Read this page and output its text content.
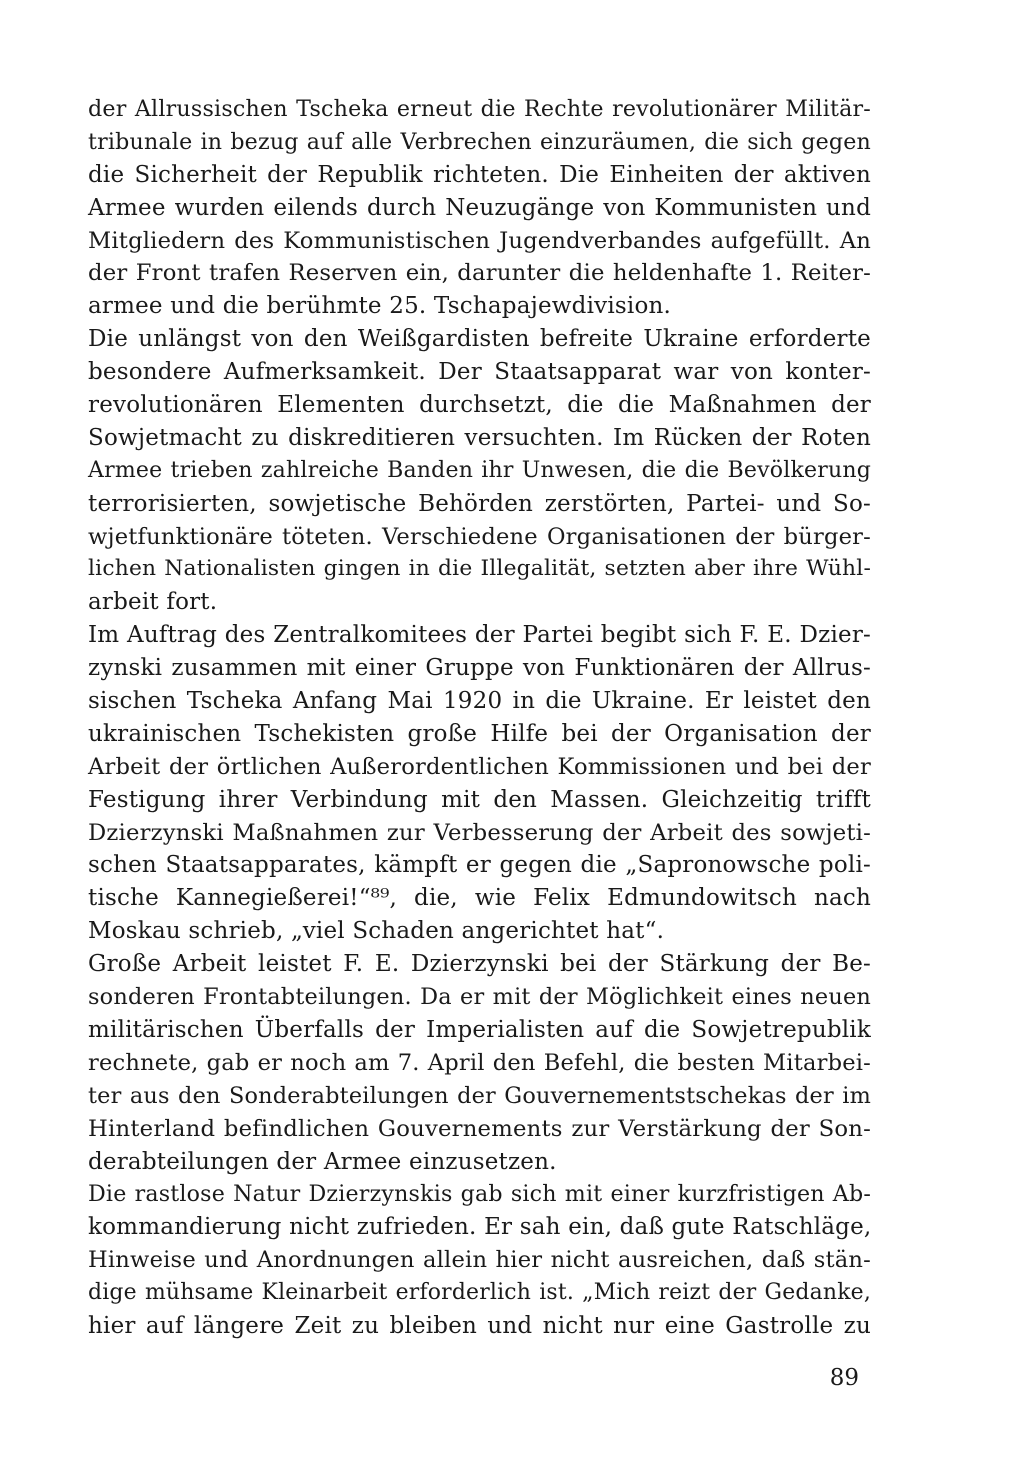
der Allrussischen Tscheka erneut die Rechte revolutionärer Militär-
tribunale in bezug auf alle Verbrechen einzuräumen, die sich gegen
die Sicherheit der Republik richteten. Die Einheiten der aktiven
Armee wurden eilends durch Neuzugänge von Kommunisten und
Mitgliedern des Kommunistischen Jugendverbandes aufgefüllt. An
der Front trafen Reserven ein, darunter die heldenhafte 1. Reiter-
armee und die berühmte 25. Tschapajewdivision.
Die unlängst von den Weißgardisten befreite Ukraine erforderte
besondere Aufmerksamkeit. Der Staatsapparat war von konter-
revolutionären Elementen durchsetzt, die die Maßnahmen der
Sowjetmacht zu diskreditieren versuchten. Im Rücken der Roten
Armee trieben zahlreiche Banden ihr Unwesen, die die Bevölkerung
terrorisierten, sowjetische Behörden zerstörten, Partei- und So-
wjetfunktionäre töteten. Verschiedene Organisationen der bürger-
lichen Nationalisten gingen in die Illegalität, setzten aber ihre Wühl-
arbeit fort.
Im Auftrag des Zentralkomitees der Partei begibt sich F. E. Dzier-
zynski zusammen mit einer Gruppe von Funktionären der Allrus-
sischen Tscheka Anfang Mai 1920 in die Ukraine. Er leistet den
ukrainischen Tschekisten große Hilfe bei der Organisation der
Arbeit der örtlichen Außerordentlichen Kommissionen und bei der
Festigung ihrer Verbindung mit den Massen. Gleichzeitig trifft
Dzierzynski Maßnahmen zur Verbesserung der Arbeit des sowjeti-
schen Staatsapparates, kämpft er gegen die „Sapronowsche poli-
tische Kannegießerei!“⁸⁹, die, wie Felix Edmundowitsch nach
Moskau schrieb, „viel Schaden angerichtet hat“.
Große Arbeit leistet F. E. Dzierzynski bei der Stärkung der Be-
sonderen Frontabteilungen. Da er mit der Möglichkeit eines neuen
militärischen Überfalls der Imperialisten auf die Sowjetrepublik
rechnete, gab er noch am 7. April den Befehl, die besten Mitarbei-
ter aus den Sonderabteilungen der Gouvernementstschekas der im
Hinterland befindlichen Gouvernements zur Verstärkung der Son-
derabteilungen der Armee einzusetzen.
Die rastlose Natur Dzierzynskis gab sich mit einer kurzfristigen Ab-
kommandierung nicht zufrieden. Er sah ein, daß gute Ratschläge,
Hinweise und Anordnungen allein hier nicht ausreichen, daß stän-
dige mühsame Kleinarbeit erforderlich ist. „Mich reizt der Gedanke,
hier auf längere Zeit zu bleiben und nicht nur eine Gastrolle zu
89
